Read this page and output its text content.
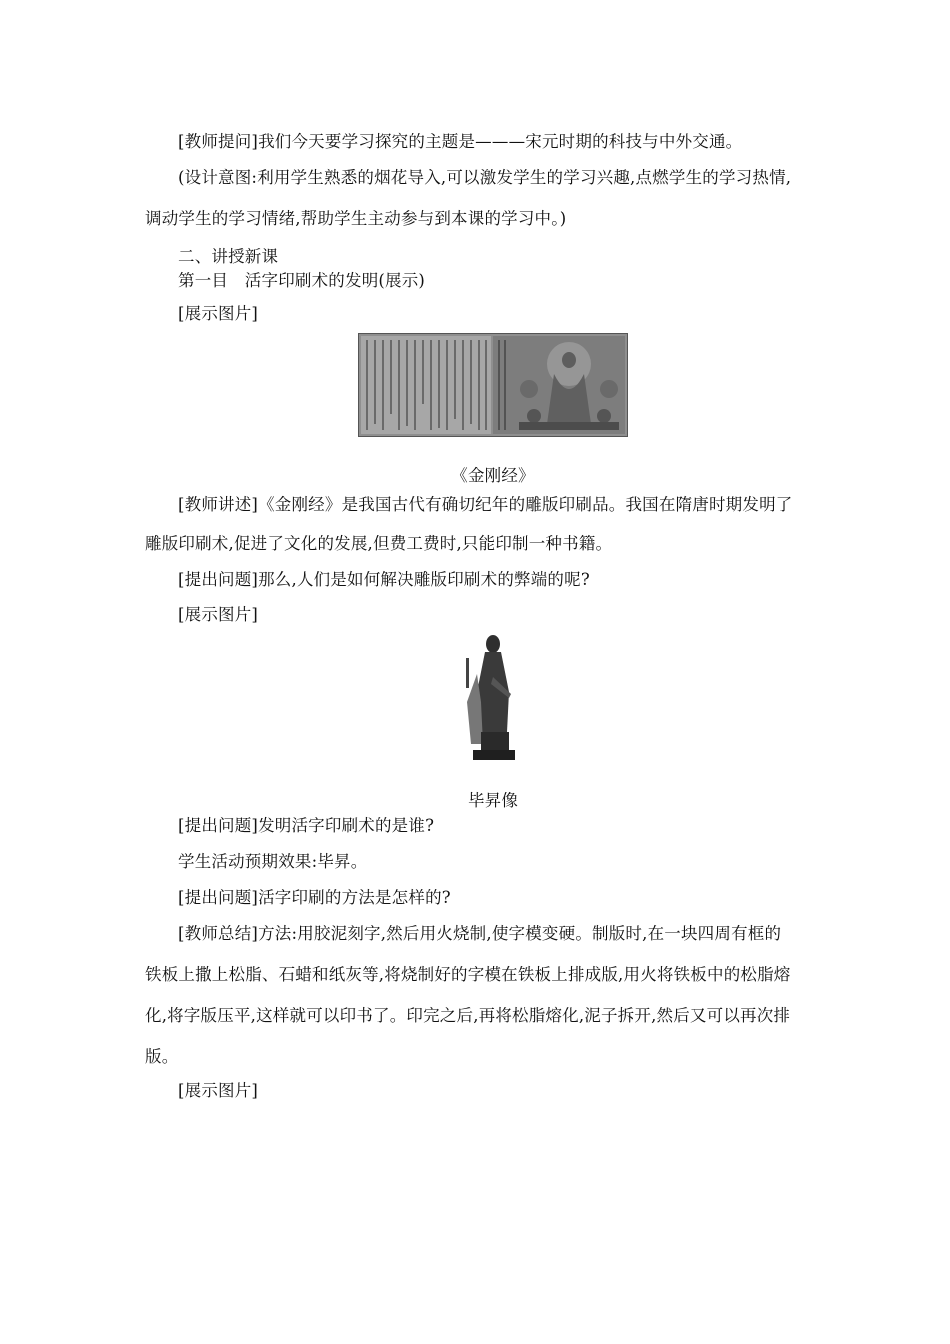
[教师提问]我们今天要学习探究的主题是———宋元时期的科技与中外交通。
(设计意图:利用学生熟悉的烟花导入,可以激发学生的学习兴趣,点燃学生的学习热情,
调动学生的学习情绪,帮助学生主动参与到本课的学习中。)
二、讲授新课
第一目　活字印刷术的发明(展示)
[展示图片]
《金刚经》
[教师讲述]《金刚经》是我国古代有确切纪年的雕版印刷品。我国在隋唐时期发明了
雕版印刷术,促进了文化的发展,但费工费时,只能印制一种书籍。
[提出问题]那么,人们是如何解决雕版印刷术的弊端的呢?
[展示图片]
毕昇像
[提出问题]发明活字印刷术的是谁?
学生活动预期效果:毕昇。
[提出问题]活字印刷的方法是怎样的?
[教师总结]方法:用胶泥刻字,然后用火烧制,使字模变硬。制版时,在一块四周有框的
铁板上撒上松脂、石蜡和纸灰等,将烧制好的字模在铁板上排成版,用火将铁板中的松脂熔
化,将字版压平,这样就可以印书了。印完之后,再将松脂熔化,泥子拆开,然后又可以再次排
版。
[展示图片]
